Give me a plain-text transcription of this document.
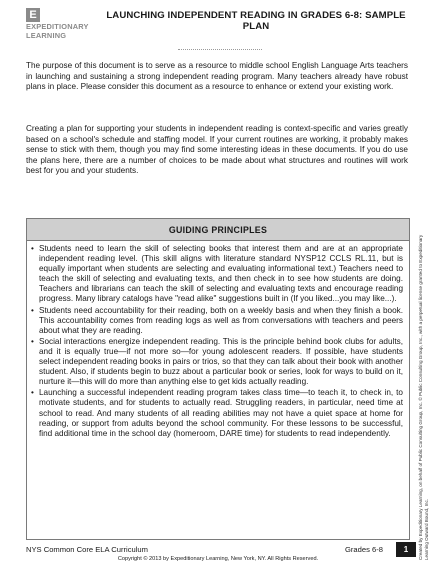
E
EXPEDITIONARY
LEARNING
LAUNCHING INDEPENDENT READING IN GRADES 6-8: SAMPLE PLAN

The purpose of this document is to serve as a resource to middle school English Language Arts teachers in launching and sustaining a strong independent reading program. Many teachers already have robust plans in place. Please consider this document as a resource to enhance or extend your existing work.

Creating a plan for supporting your students in independent reading is context-specific and varies greatly based on a school's schedule and staffing model. If your current routines are working, it probably makes sense to stick with them, though you may find some interesting ideas in these documents. If you do use the plans here, there are a number of choices to be made about what structures and routines will work best for you and your students.

GUIDING PRINCIPLES
• Students need to learn the skill of selecting books that interest them and are at an appropriate independent reading level. (This skill aligns with literature standard NYSP12 CCLS RL.11, but is equally important when students are selecting and evaluating informational text.) Teachers need to teach the skill of selecting and evaluating texts, and then check in to see how students are doing. Teachers and librarians can teach the skill of selecting and evaluating texts and encourage reading progress. Many library catalogs have "read alike" suggestions built in (If you liked...you may like...).
• Students need accountability for their reading, both on a weekly basis and when they finish a book. This accountability comes from reading logs as well as from conversations with teachers and peers about what they are reading.
• Social interactions energize independent reading. This is the principle behind book clubs for adults, and it is equally true—if not more so—for young adolescent readers. If possible, have students select independent reading books in pairs or trios, so that they can talk about their book with another student. Also, if students begin to buzz about a particular book or series, look for ways to build on it, nurture it—this will do more than anything else to get kids actually reading.
• Launching a successful independent reading program takes class time—to teach it, to check in, to motivate students, and for students to actually read. Struggling readers, in particular, need time at school to read. And many students of all reading abilities may not have a quiet space at home for reading, or support from adults beyond the school community. For these lessons to be successful, find additional time in the school day (homeroom, DARE time) for students to read independently.	Created by Expeditionary Learning, on behalf of Public Consulting Group, Inc. © Public Consulting Group, Inc., with a perpetual license granted to Expeditionary Learning Outward Bound, Inc.
NYS Common Core ELA Curriculum	Grades 6-8	1
Copyright © 2013 by Expeditionary Learning, New York, NY. All Rights Reserved.
